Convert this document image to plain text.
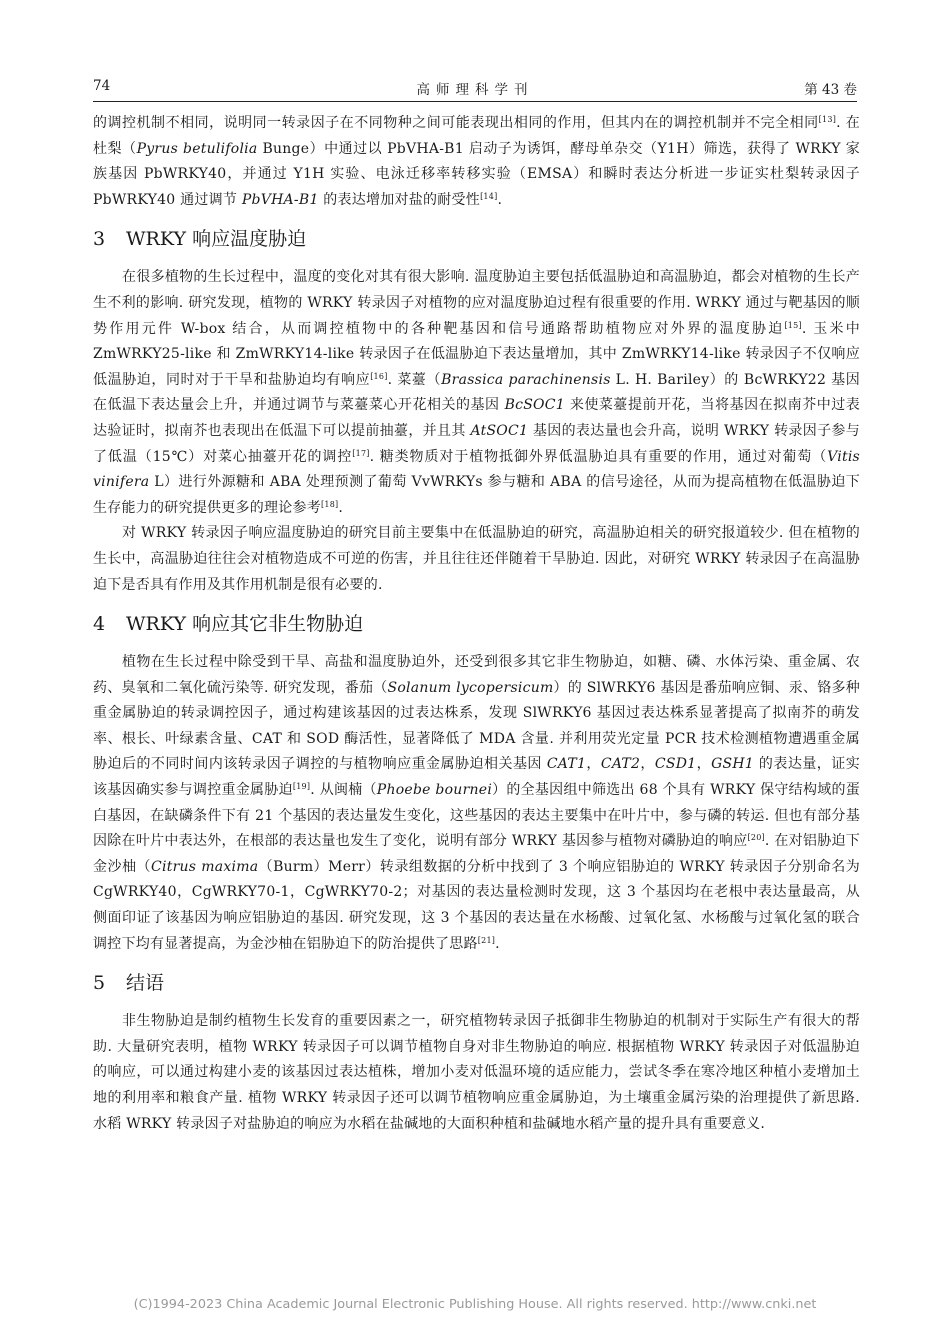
74	高师理科学刊	第 43 卷

的调控机制不相同，说明同一转录因子在不同物种之间可能表现出相同的作用，但其内在的调控机制并不完全相同[13]. 在杜梨（Pyrus betulifolia Bunge）中通过以 PbVHA-B1 启动子为诱饵，酵母单杂交（Y1H）筛选，获得了 WRKY 家族基因 PbWRKY40，并通过 Y1H 实验、电泳迁移率转移实验（EMSA）和瞬时表达分析进一步证实杜梨转录因子 PbWRKY40 通过调节 PbVHA-B1 的表达增加对盐的耐受性[14].

3 WRKY 响应温度胁迫

在很多植物的生长过程中，温度的变化对其有很大影响. 温度胁迫主要包括低温胁迫和高温胁迫，都会对植物的生长产生不利的影响. 研究发现，植物的 WRKY 转录因子对植物的应对温度胁迫过程有很重要的作用. WRKY 通过与靶基因的顺势作用元件 W-box 结合，从而调控植物中的各种靶基因和信号通路帮助植物应对外界的温度胁迫[15]. 玉米中 ZmWRKY25-like 和 ZmWRKY14-like 转录因子在低温胁迫下表达量增加，其中 ZmWRKY14-like 转录因子不仅响应低温胁迫，同时对于干旱和盐胁迫均有响应[16]. 菜薹（Brassica parachinensis L. H. Bariley）的 BcWRKY22 基因在低温下表达量会上升，并通过调节与菜薹菜心开花相关的基因 BcSOC1 来使菜薹提前开花，当将基因在拟南芥中过表达验证时，拟南芥也表现出在低温下可以提前抽薹，并且其 AtSOC1 基因的表达量也会升高，说明 WRKY 转录因子参与了低温（15℃）对菜心抽薹开花的调控[17]. 糖类物质对于植物抵御外界低温胁迫具有重要的作用，通过对葡萄（Vitis vinifera L）进行外源糖和 ABA 处理预测了葡萄 VvWRKYs 参与糖和 ABA 的信号途径，从而为提高植物在低温胁迫下生存能力的研究提供更多的理论参考[18].

对 WRKY 转录因子响应温度胁迫的研究目前主要集中在低温胁迫的研究，高温胁迫相关的研究报道较少. 但在植物的生长中，高温胁迫往往会对植物造成不可逆的伤害，并且往往还伴随着干旱胁迫. 因此，对研究 WRKY 转录因子在高温胁迫下是否具有作用及其作用机制是很有必要的.

4 WRKY 响应其它非生物胁迫

植物在生长过程中除受到干旱、高盐和温度胁迫外，还受到很多其它非生物胁迫，如糖、磷、水体污染、重金属、农药、臭氧和二氧化硫污染等. 研究发现，番茄（Solanum lycopersicum）的 SlWRKY6 基因是番茄响应铜、汞、铬多种重金属胁迫的转录调控因子，通过构建该基因的过表达株系，发现 SlWRKY6 基因过表达株系显著提高了拟南芥的萌发率、根长、叶绿素含量、CAT 和 SOD 酶活性，显著降低了 MDA 含量. 并利用荧光定量 PCR 技术检测植物遭遇重金属胁迫后的不同时间内该转录因子调控的与植物响应重金属胁迫相关基因 CAT1，CAT2，CSD1，GSH1 的表达量，证实该基因确实参与调控重金属胁迫[19]. 从闽楠（Phoebe bournei）的全基因组中筛选出 68 个具有 WRKY 保守结构域的蛋白基因，在缺磷条件下有 21 个基因的表达量发生变化，这些基因的表达主要集中在叶片中，参与磷的转运. 但也有部分基因除在叶片中表达外，在根部的表达量也发生了变化，说明有部分 WRKY 基因参与植物对磷胁迫的响应[20]. 在对铝胁迫下金沙柚（Citrus maxima（Burm）Merr）转录组数据的分析中找到了 3 个响应铝胁迫的 WRKY 转录因子分别命名为 CgWRKY40，CgWRKY70-1，CgWRKY70-2；对基因的表达量检测时发现，这 3 个基因均在老根中表达量最高，从侧面印证了该基因为响应铝胁迫的基因. 研究发现，这 3 个基因的表达量在水杨酸、过氧化氢、水杨酸与过氧化氢的联合调控下均有显著提高，为金沙柚在铝胁迫下的防治提供了思路[21].

5 结语

非生物胁迫是制约植物生长发育的重要因素之一，研究植物转录因子抵御非生物胁迫的机制对于实际生产有很大的帮助. 大量研究表明，植物 WRKY 转录因子可以调节植物自身对非生物胁迫的响应. 根据植物 WRKY 转录因子对低温胁迫的响应，可以通过构建小麦的该基因过表达植株，增加小麦对低温环境的适应能力，尝试冬季在寒冷地区种植小麦增加土地的利用率和粮食产量. 植物 WRKY 转录因子还可以调节植物响应重金属胁迫，为土壤重金属污染的治理提供了新思路. 水稻 WRKY 转录因子对盐胁迫的响应为水稻在盐碱地的大面积种植和盐碱地水稻产量的提升具有重要意义.

(C)1994-2023 China Academic Journal Electronic Publishing House. All rights reserved. http://www.cnki.net
